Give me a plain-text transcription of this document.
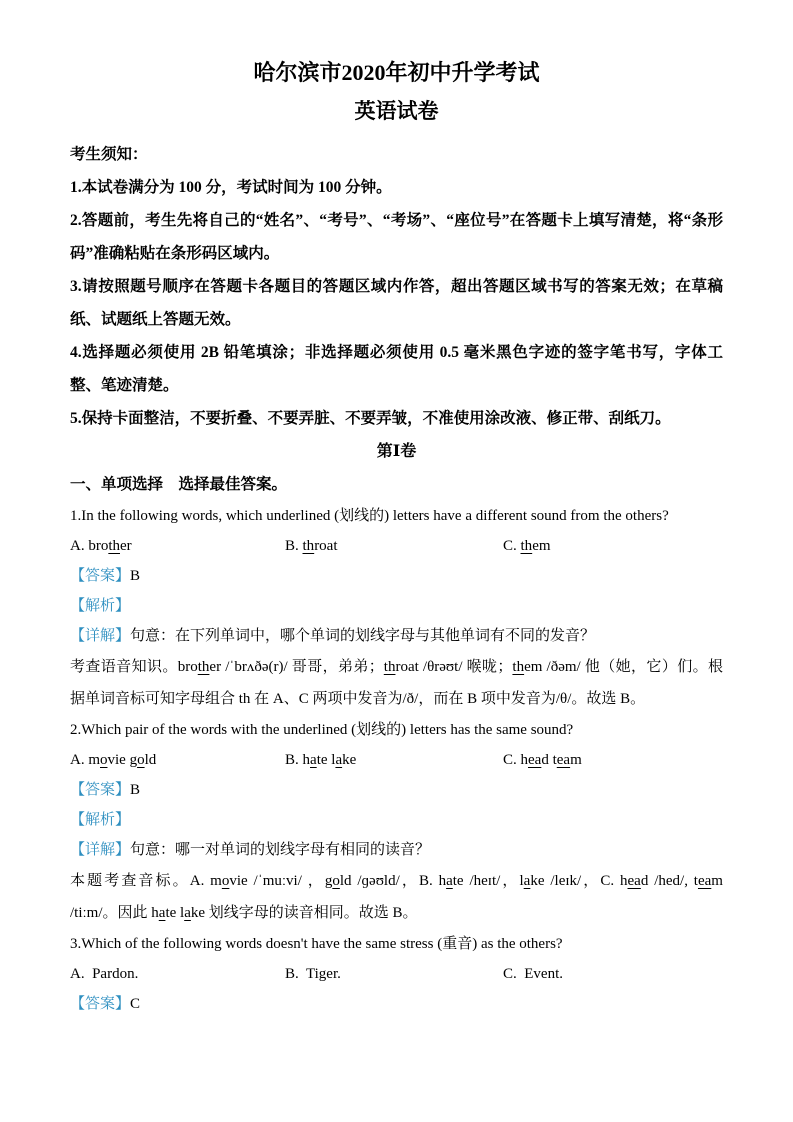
哈尔滨市2020年初中升学考试
英语试卷

考生须知：

1.本试卷满分为 100 分，考试时间为 100 分钟。

2.答题前，考生先将自己的“姓名”、“考号”、“考场”、“座位号”在答题卡上填写清楚，将“条形码”准确粘贴在条形码区域内。

3.请按照题号顺序在答题卡各题目的答题区域内作答，超出答题区域书写的答案无效；在草稿纸、试题纸上答题无效。

4.选择题必须使用 2B 铅笔填涂；非选择题必须使用 0.5 毫米黑色字迹的签字笔书写，字体工整、笔迹清楚。

5.保持卡面整洁，不要折叠、不要弄脏、不要弄皱，不准使用涂改液、修正带、刮纸刀。

第Ⅰ卷

一、单项选择　选择最佳答案。

1.In the following words, which underlined (划线的) letters have a different sound from the others?

A. brother	B. throat	C. them

【答案】B

【解析】

【详解】句意：在下列单词中，哪个单词的划线字母与其他单词有不同的发音？

考查语音知识。brother /ˈbrʌðə(r)/ 哥哥，弟弟；throat /θrəʊt/ 喉咙；them /ðəm/ 他（她，它）们。根据单词音标可知字母组合 th 在 A、C 两项中发音为/ð/，而在 B 项中发音为/θ/。故选 B。

2.Which pair of the words with the underlined (划线的) letters has the same sound?

A. movie gold	B. hate lake	C. head team

【答案】B

【解析】

【详解】句意：哪一对单词的划线字母有相同的读音？

本题考查音标。A. movie /ˈmuːvi/ ，gold /ɡəʊld/，B. hate /heɪt/，lake /leɪk/，C. head /hed/, team /tiːm/。因此 hate lake 划线字母的读音相同。故选 B。

3.Which of the following words doesn't have the same stress (重音) as the others?

A.  Pardon.	B.  Tiger.	C.  Event.

【答案】C
